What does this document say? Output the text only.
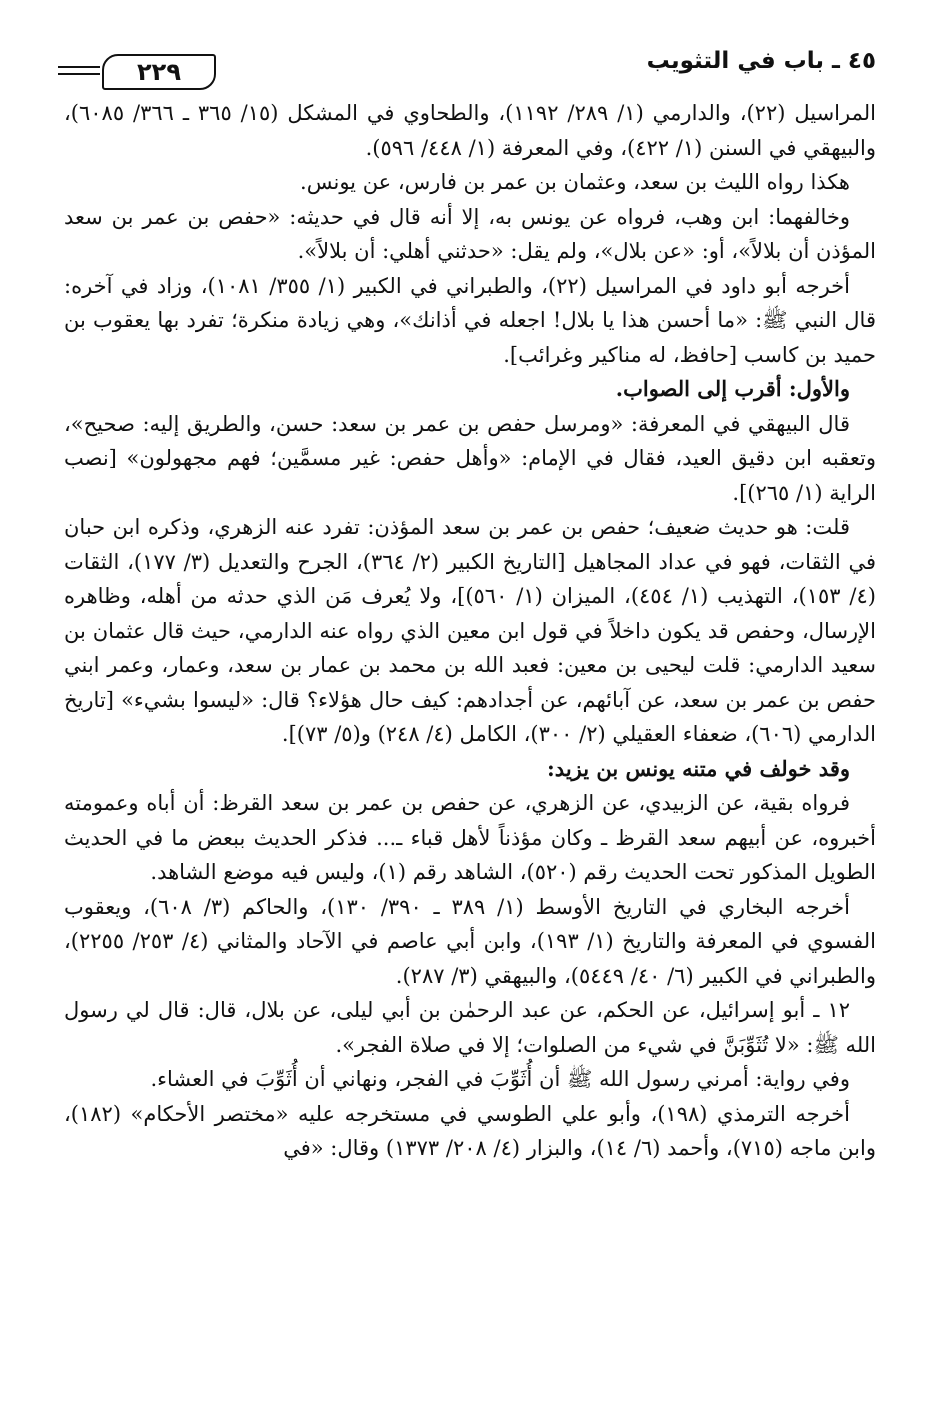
٤٥ ـ باب في التثويب
٢٢٩

المراسيل (٢٢)، والدارمي (١/ ٢٨٩/ ١١٩٢)، والطحاوي في المشكل (١٥/ ٣٦٥ ـ ٣٦٦/ ٦٠٨٥)، والبيهقي في السنن (١/ ٤٢٢)، وفي المعرفة (١/ ٤٤٨/ ٥٩٦).

هكذا رواه الليث بن سعد، وعثمان بن عمر بن فارس، عن يونس.

وخالفهما: ابن وهب، فرواه عن يونس به، إلا أنه قال في حديثه: «حفص بن عمر بن سعد المؤذن أن بلالاً»، أو: «عن بلال»، ولم يقل: «حدثني أهلي: أن بلالاً».

أخرجه أبو داود في المراسيل (٢٢)، والطبراني في الكبير (١/ ٣٥٥/ ١٠٨١)، وزاد في آخره: قال النبي ﷺ: «ما أحسن هذا يا بلال! اجعله في أذانك»، وهي زيادة منكرة؛ تفرد بها يعقوب بن حميد بن كاسب [حافظ، له مناكير وغرائب].

والأول: أقرب إلى الصواب.

قال البيهقي في المعرفة: «ومرسل حفص بن عمر بن سعد: حسن، والطريق إليه: صحيح»، وتعقبه ابن دقيق العيد، فقال في الإمام: «وأهل حفص: غير مسمَّين؛ فهم مجهولون» [نصب الراية (١/ ٢٦٥)].

قلت: هو حديث ضعيف؛ حفص بن عمر بن سعد المؤذن: تفرد عنه الزهري، وذكره ابن حبان في الثقات، فهو في عداد المجاهيل [التاريخ الكبير (٢/ ٣٦٤)، الجرح والتعديل (٣/ ١٧٧)، الثقات (٤/ ١٥٣)، التهذيب (١/ ٤٥٤)، الميزان (١/ ٥٦٠)]، ولا يُعرف مَن الذي حدثه من أهله، وظاهره الإرسال، وحفص قد يكون داخلاً في قول ابن معين الذي رواه عنه الدارمي، حيث قال عثمان بن سعيد الدارمي: قلت ليحيى بن معين: فعبد الله بن محمد بن عمار بن سعد، وعمار، وعمر ابني حفص بن عمر بن سعد، عن آبائهم، عن أجدادهم: كيف حال هؤلاء؟ قال: «ليسوا بشيء» [تاريخ الدارمي (٦٠٦)، ضعفاء العقيلي (٢/ ٣٠٠)، الكامل (٤/ ٢٤٨) و(٥/ ٧٣)].

وقد خولف في متنه يونس بن يزيد:

فرواه بقية، عن الزبيدي، عن الزهري، عن حفص بن عمر بن سعد القرظ: أن أباه وعمومته أخبروه، عن أبيهم سعد القرظ ـ وكان مؤذناً لأهل قباء ـ... فذكر الحديث ببعض ما في الحديث الطويل المذكور تحت الحديث رقم (٥٢٠)، الشاهد رقم (١)، وليس فيه موضع الشاهد.

أخرجه البخاري في التاريخ الأوسط (١/ ٣٨٩ ـ ٣٩٠/ ١٣٠)، والحاكم (٣/ ٦٠٨)، ويعقوب الفسوي في المعرفة والتاريخ (١/ ١٩٣)، وابن أبي عاصم في الآحاد والمثاني (٤/ ٢٥٣/ ٢٢٥٥)، والطبراني في الكبير (٦/ ٤٠/ ٥٤٤٩)، والبيهقي (٣/ ٢٨٧).

١٢ ـ أبو إسرائيل، عن الحكم، عن عبد الرحمٰن بن أبي ليلى، عن بلال، قال: قال لي رسول الله ﷺ: «لا تُثَوِّبَنَّ في شيء من الصلوات؛ إلا في صلاة الفجر».

وفي رواية: أمرني رسول الله ﷺ أن أُثَوِّبَ في الفجر، ونهاني أن أُثَوِّبَ في العشاء.

أخرجه الترمذي (١٩٨)، وأبو علي الطوسي في مستخرجه عليه «مختصر الأحكام» (١٨٢)، وابن ماجه (٧١٥)، وأحمد (٦/ ١٤)، والبزار (٤/ ٢٠٨/ ١٣٧٣) وقال: «في
